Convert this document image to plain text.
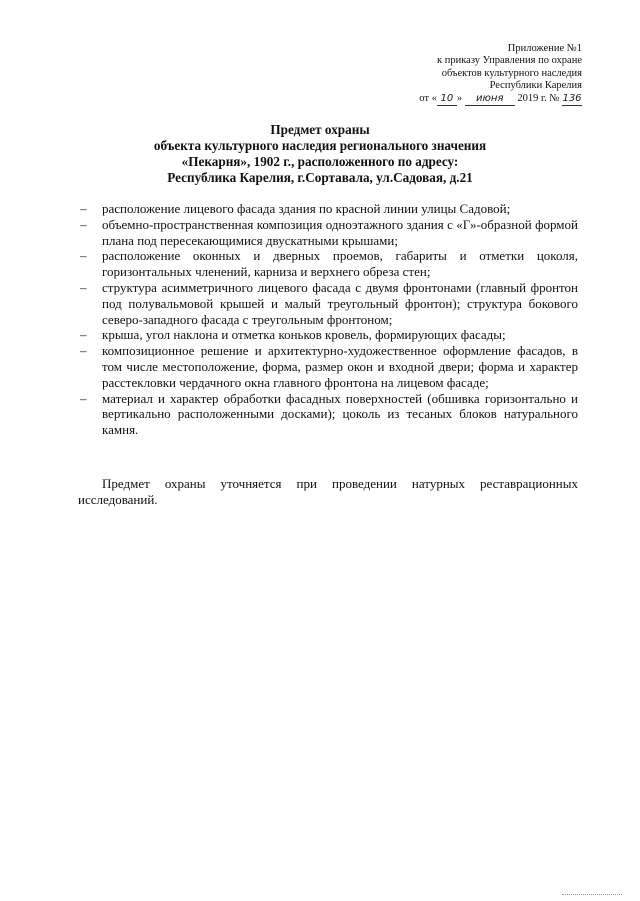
Приложение №1
к приказу Управления по охране
объектов культурного наследия
Республики Карелия
от « 10 » июня 2019 г. № 136
Предмет охраны
объекта культурного наследия регионального значения
«Пекарня», 1902 г., расположенного по адресу:
Республика Карелия, г.Сортавала, ул.Садовая, д.21
–	расположение лицевого фасада здания по красной линии улицы Садовой;
–	объемно-пространственная композиция одноэтажного здания с «Г»-образной формой плана под пересекающимися двускатными крышами;
–	расположение оконных и дверных проемов, габариты и отметки цоколя, горизонтальных членений, карниза и верхнего обреза стен;
–	структура асимметричного лицевого фасада с двумя фронтонами (главный фронтон под полувальмовой крышей и малый треугольный фронтон); структура бокового северо-западного фасада с треугольным фронтоном;
–	крыша, угол наклона и отметка коньков кровель, формирующих фасады;
–	композиционное решение и архитектурно-художественное оформление фасадов, в том числе местоположение, форма, размер окон и входной двери; форма и характер расстекловки чердачного окна главного фронтона на лицевом фасаде;
–	материал и характер обработки фасадных поверхностей (обшивка горизонтально и вертикально расположенными досками); цоколь из тесаных блоков натурального камня.

Предмет охраны уточняется при проведении натурных реставрационных исследований.
